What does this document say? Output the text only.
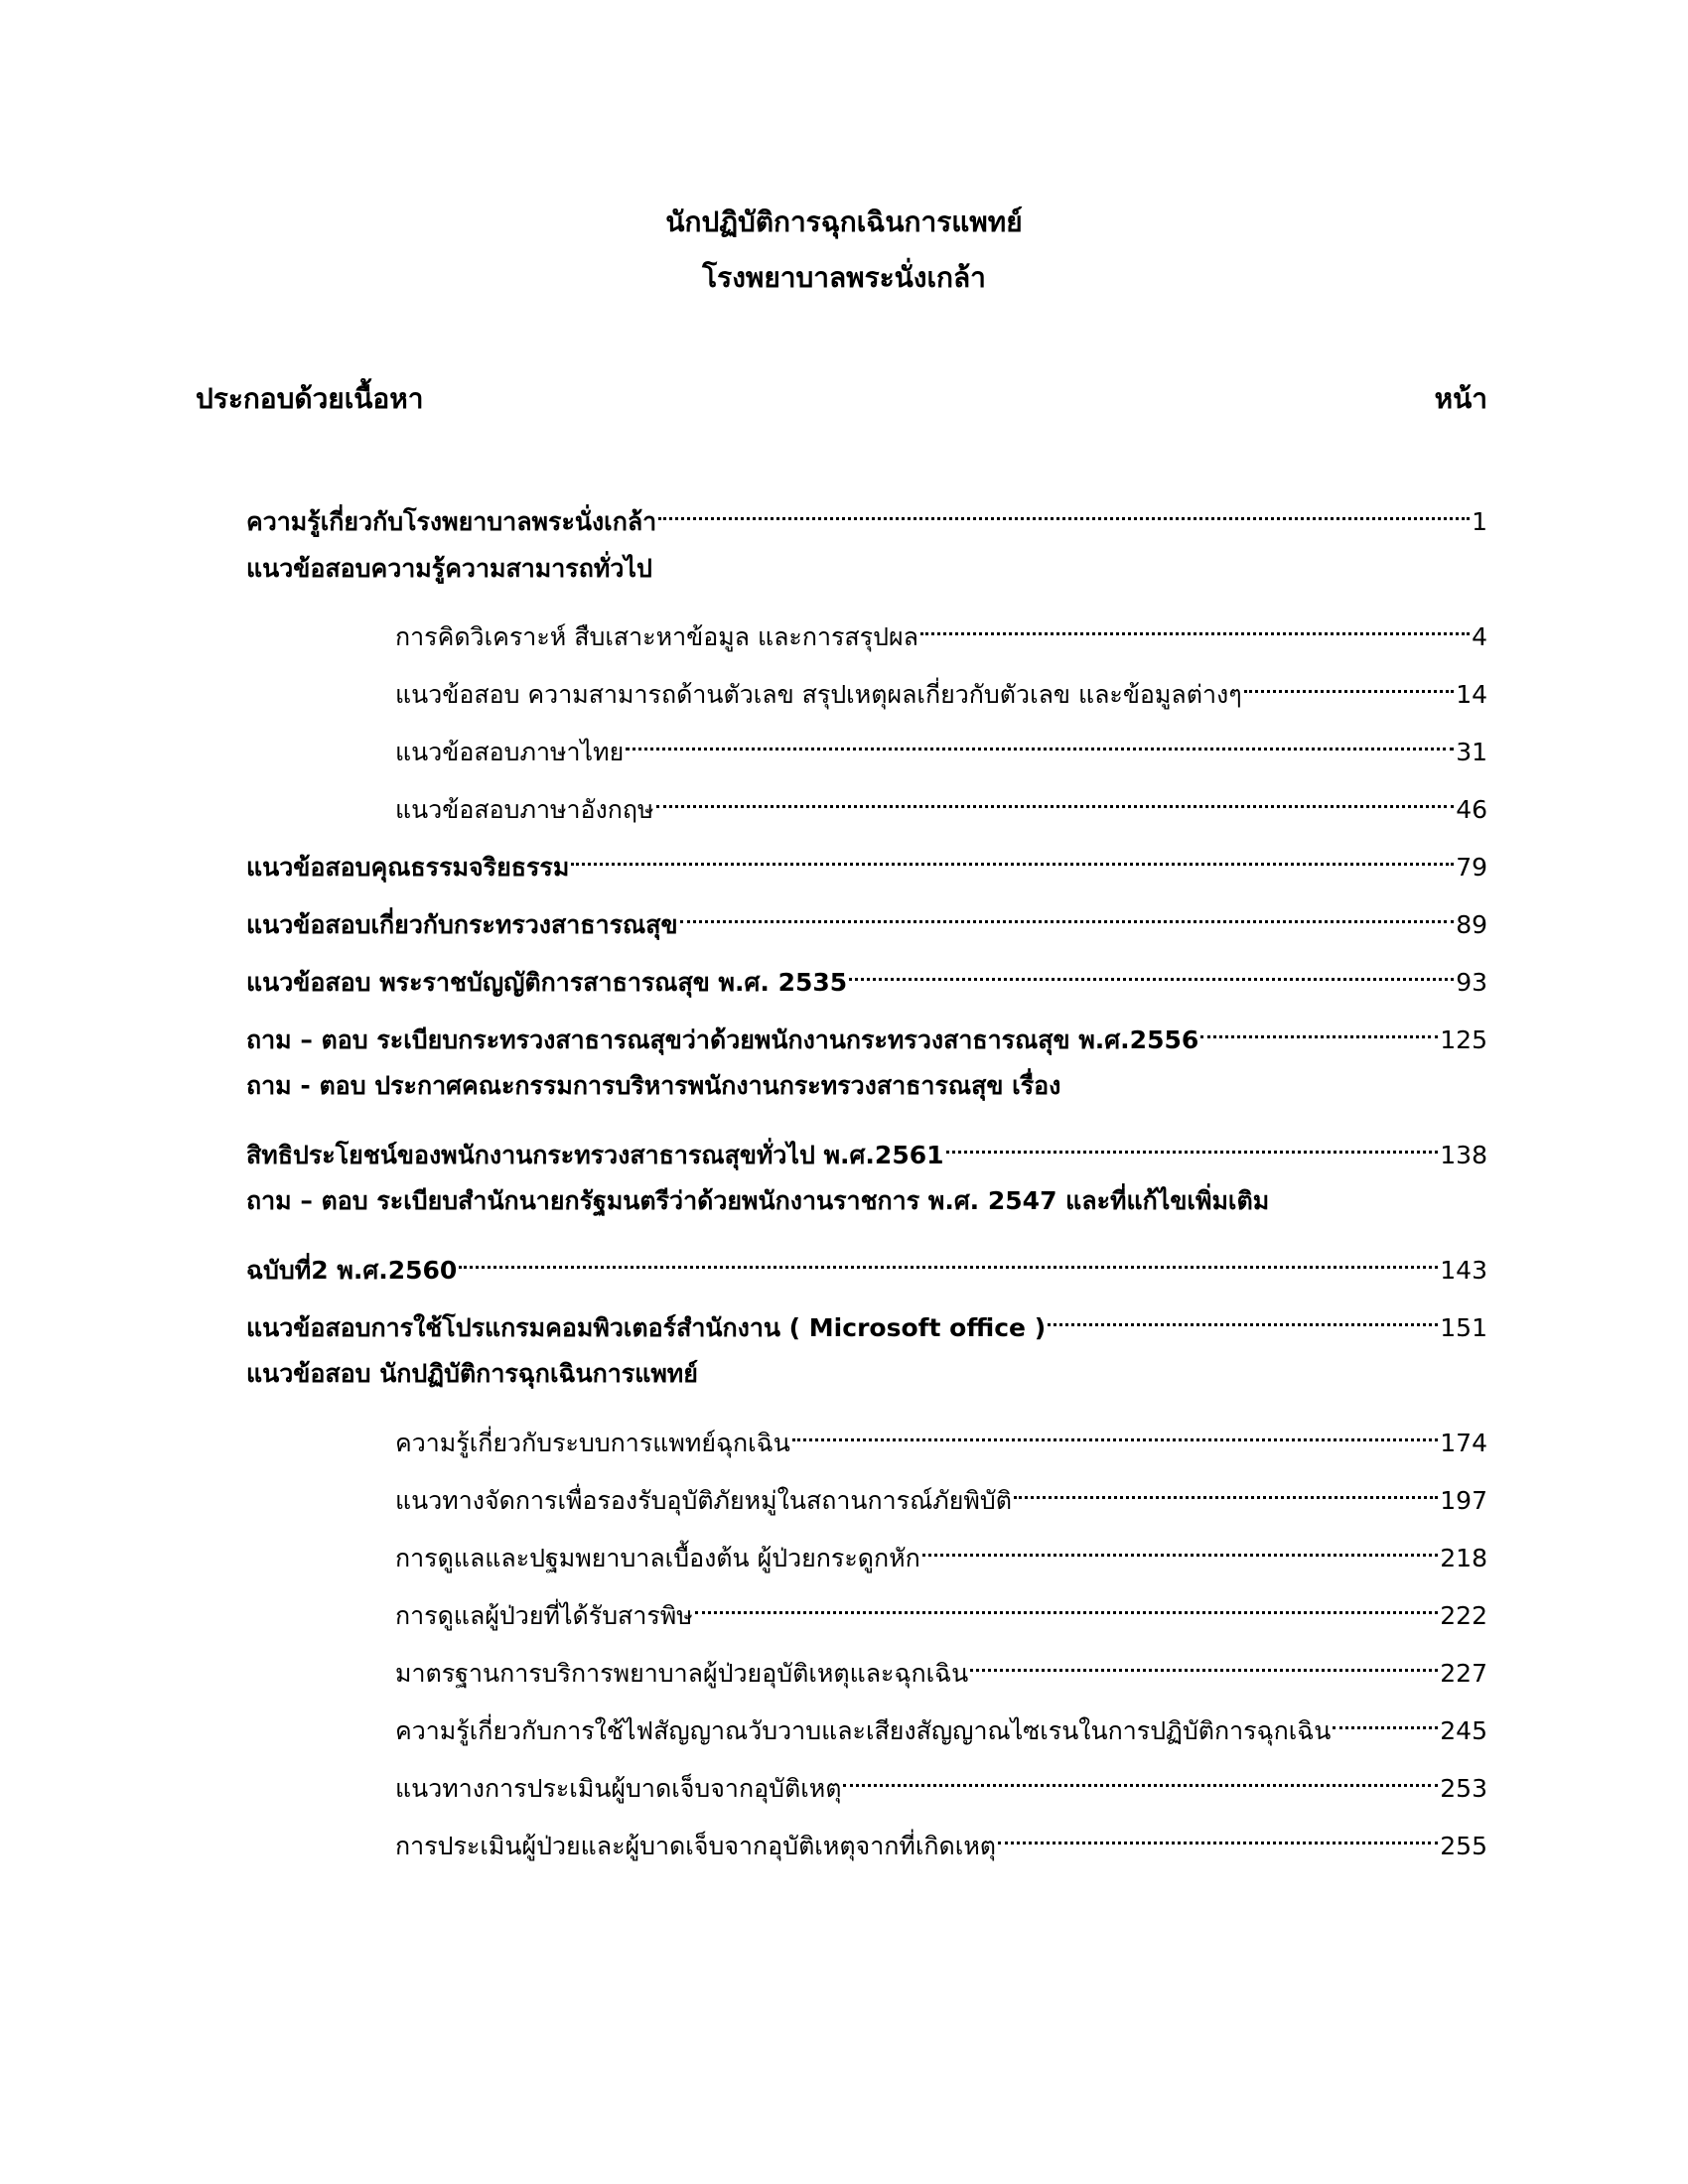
นักปฏิบัติการฉุกเฉินการแพทย์
โรงพยาบาลพระนั่งเกล้า
ประกอบด้วยเนื้อหา	หน้า
ความรู้เกี่ยวกับโรงพยาบาลพระนั่งเกล้า	1
แนวข้อสอบความรู้ความสามารถทั่วไป
การคิดวิเคราะห์ สืบเสาะหาข้อมูล และการสรุปผล	4
แนวข้อสอบ ความสามารถด้านตัวเลข สรุปเหตุผลเกี่ยวกับตัวเลข และข้อมูลต่างๆ	14
แนวข้อสอบภาษาไทย	31
แนวข้อสอบภาษาอังกฤษ	46
แนวข้อสอบคุณธรรมจริยธรรม	79
แนวข้อสอบเกี่ยวกับกระทรวงสาธารณสุข	89
แนวข้อสอบ พระราชบัญญัติการสาธารณสุข พ.ศ. 2535	93
ถาม – ตอบ ระเบียบกระทรวงสาธารณสุขว่าด้วยพนักงานกระทรวงสาธารณสุข พ.ศ.2556	125
ถาม - ตอบ ประกาศคณะกรรมการบริหารพนักงานกระทรวงสาธารณสุข เรื่อง
สิทธิประโยชน์ของพนักงานกระทรวงสาธารณสุขทั่วไป พ.ศ.2561	138
ถาม – ตอบ ระเบียบสำนักนายกรัฐมนตรีว่าด้วยพนักงานราชการ พ.ศ. 2547 และที่แก้ไขเพิ่มเติม
ฉบับที่2 พ.ศ.2560	143
แนวข้อสอบการใช้โปรแกรมคอมพิวเตอร์สำนักงาน ( Microsoft office )	151
แนวข้อสอบ นักปฏิบัติการฉุกเฉินการแพทย์
ความรู้เกี่ยวกับระบบการแพทย์ฉุกเฉิน	174
แนวทางจัดการเพื่อรองรับอุบัติภัยหมู่ในสถานการณ์ภัยพิบัติ	197
การดูแลและปฐมพยาบาลเบื้องต้น ผู้ป่วยกระดูกหัก	218
การดูแลผู้ป่วยที่ได้รับสารพิษ	222
มาตรฐานการบริการพยาบาลผู้ป่วยอุบัติเหตุและฉุกเฉิน	227
ความรู้เกี่ยวกับการใช้ไฟสัญญาณวับวาบและเสียงสัญญาณไซเรนในการปฏิบัติการฉุกเฉิน	245
แนวทางการประเมินผู้บาดเจ็บจากอุบัติเหตุ	253
การประเมินผู้ป่วยและผู้บาดเจ็บจากอุบัติเหตุจากที่เกิดเหตุ	255
